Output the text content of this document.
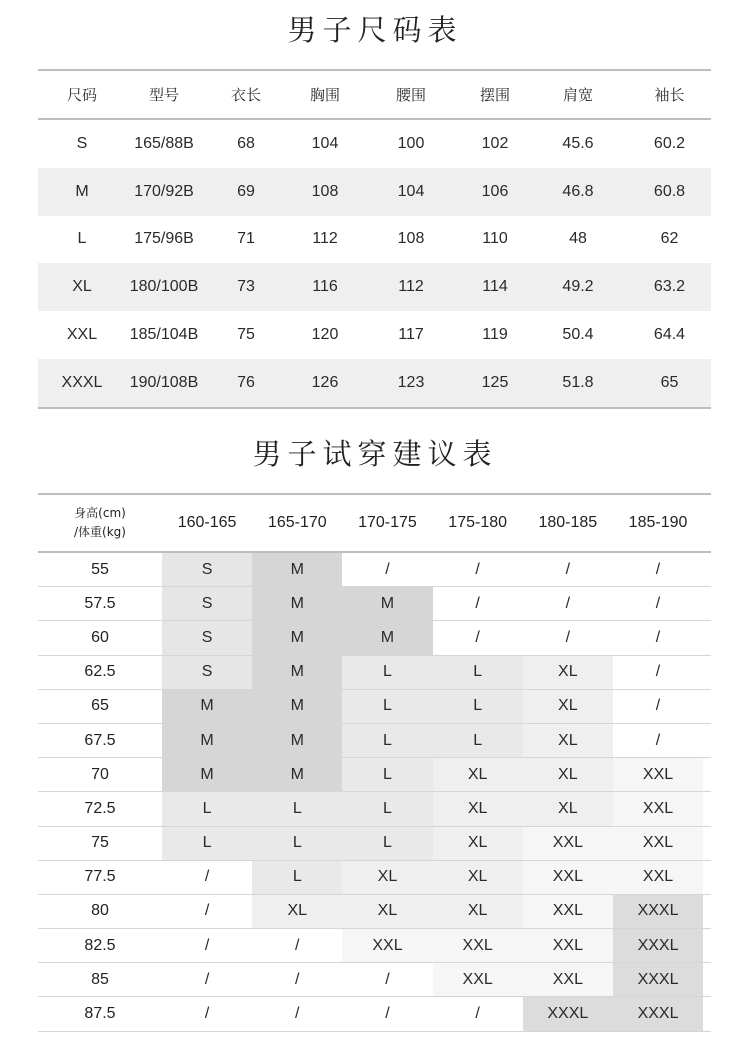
男子尺码表
尺码	型号	衣长	胸围	腰围	摆围	肩宽	袖长
S	165/88B	68	104	100	102	45.6	60.2
M	170/92B	69	108	104	106	46.8	60.8
L	175/96B	71	112	108	110	48	62
XL	180/100B	73	116	112	114	49.2	63.2
XXL	185/104B	75	120	117	119	50.4	64.4
XXXL	190/108B	76	126	123	125	51.8	65
男子试穿建议表
身高(cm)
/体重(kg)
160-165	165-170	170-175	175-180	180-185	185-190
55	S	M	/	/	/	/
57.5	S	M	M	/	/	/
60	S	M	M	/	/	/
62.5	S	M	L	L	XL	/
65	M	M	L	L	XL	/
67.5	M	M	L	L	XL	/
70	M	M	L	XL	XL	XXL
72.5	L	L	L	XL	XL	XXL
75	L	L	L	XL	XXL	XXL
77.5	/	L	XL	XL	XXL	XXL
80	/	XL	XL	XL	XXL	XXXL
82.5	/	/	XXL	XXL	XXL	XXXL
85	/	/	/	XXL	XXL	XXXL
87.5	/	/	/	/	XXXL	XXXL
